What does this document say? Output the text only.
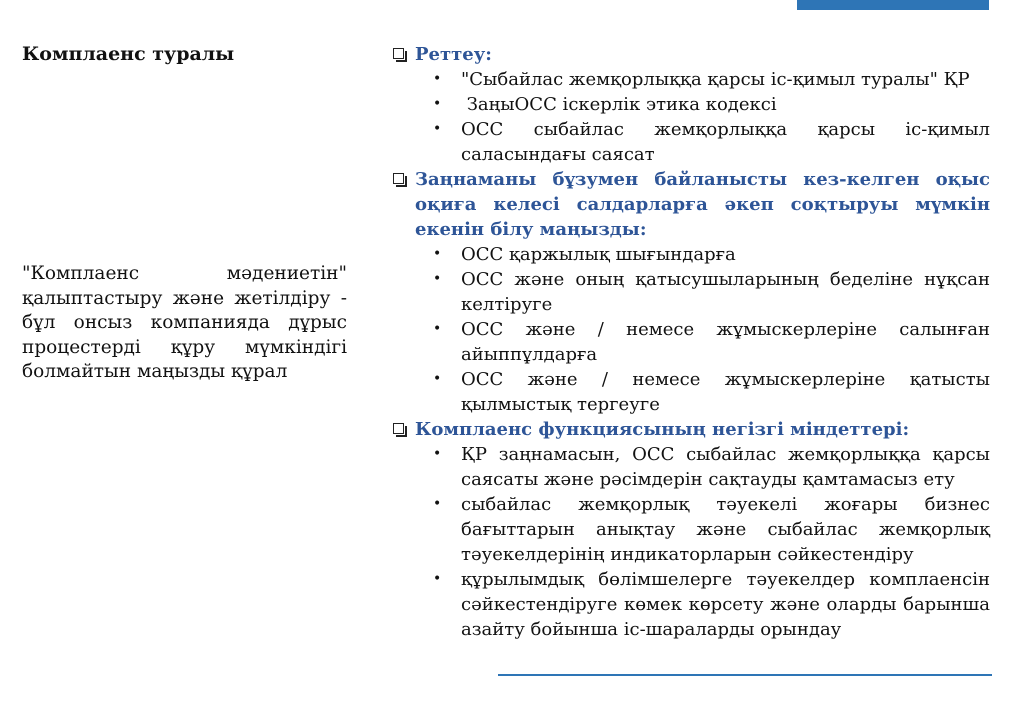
Комплаенс туралы
"Комплаенс мәдениетін" қалыптастыру және жетілдіру - бұл онсыз компанияда дұрыс процестерді құру мүмкіндігі болмайтын маңызды құрал
Реттеу:
•	"Сыбайлас жемқорлыққа қарсы іс-қимыл туралы" ҚР
•	ЗаңыОСС іскерлік этика кодексі
•	ОСС сыбайлас жемқорлыққа қарсы іс-қимыл саласындағы саясат
Заңнаманы бұзумен байланысты кез-келген оқыс оқиға келесі салдарларға әкеп соқтыруы мүмкін екенін білу маңызды:
•	ОСС қаржылық шығындарға
•	ОСС және оның қатысушыларының беделіне нұқсан келтіруге
•	ОСС және / немесе жұмыскерлеріне салынған айыппұлдарға
•	ОСС және / немесе жұмыскерлеріне қатысты қылмыстық тергеуге
Комплаенс функциясының негізгі міндеттері:
•	ҚР заңнамасын, ОСС сыбайлас жемқорлыққа қарсы саясаты және рәсімдерін сақтауды қамтамасыз ету
•	сыбайлас жемқорлық тәуекелі жоғары бизнес бағыттарын анықтау және сыбайлас жемқорлық тәуекелдерінің индикаторларын сәйкестендіру
•	құрылымдық бөлімшелерге тәуекелдер комплаенсін сәйкестендіруге көмек көрсету және оларды барынша азайту бойынша іс-шараларды орындау
